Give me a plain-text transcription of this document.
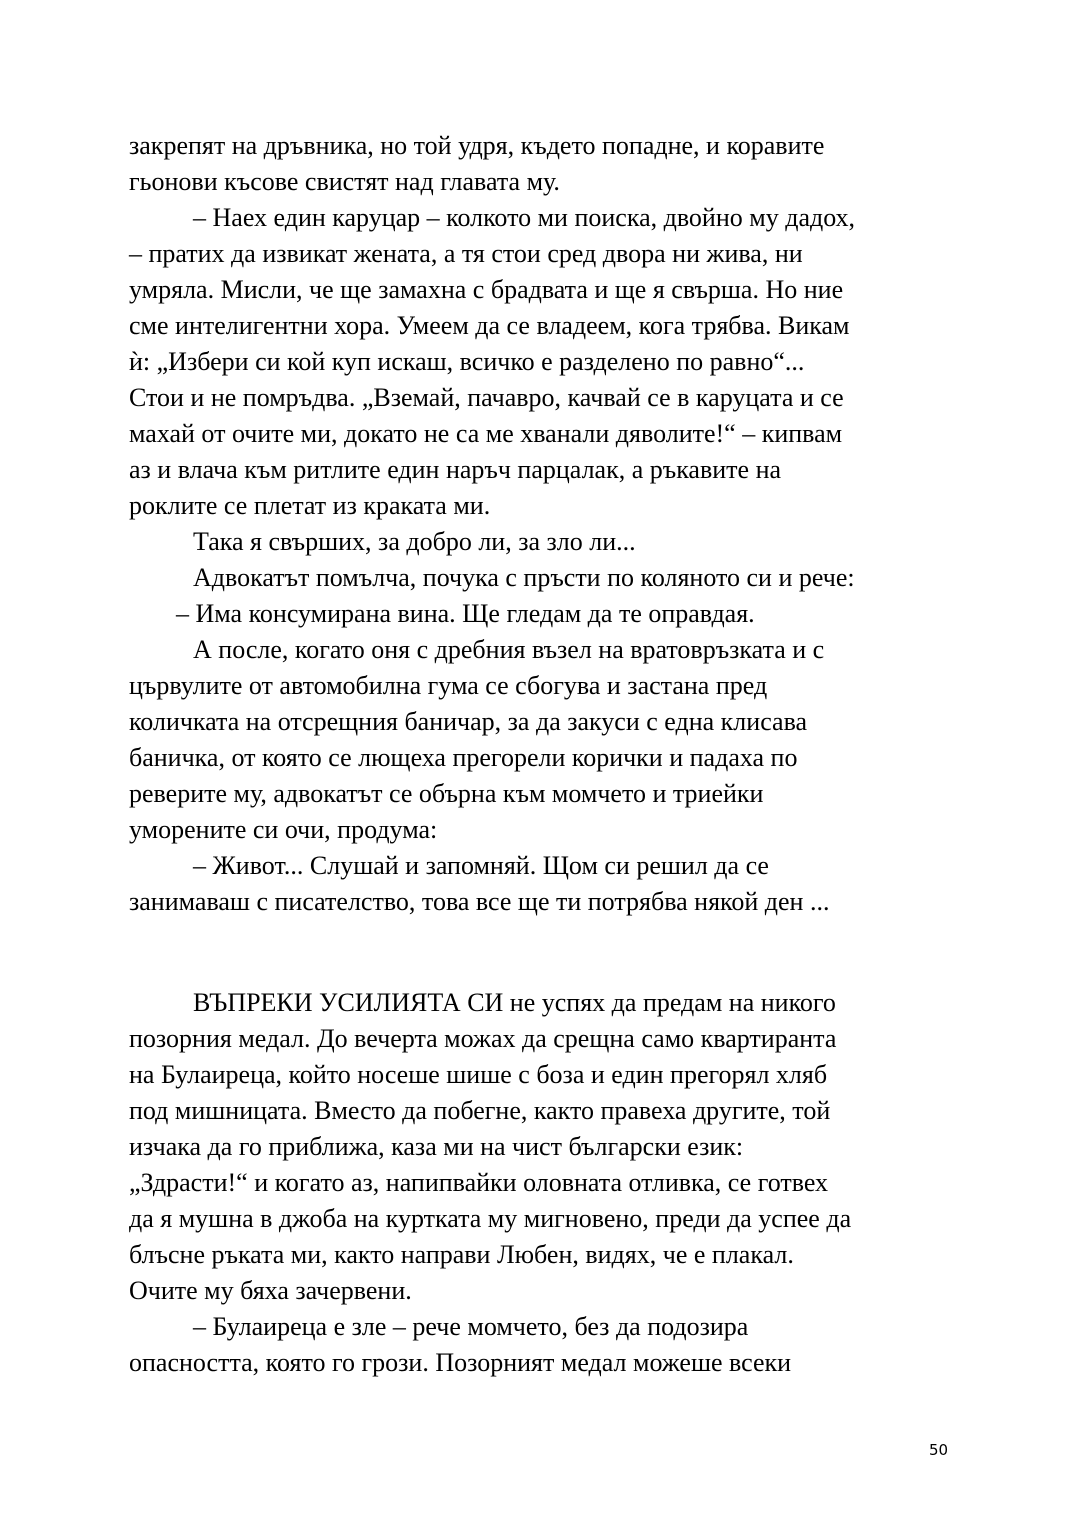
закрепят на дръвника, но той удря, където попадне, и коравите
гьонови късове свистят над главата му.
– Наех един каруцар – колкото ми поиска, двойно му дадох,
– пратих да извикат жената, а тя стои сред двора ни жива, ни
умряла. Мисли, че ще замахна с брадвата и ще я свърша. Но ние
сме интелигентни хора. Умеем да се владеем, кога трябва. Викам
ѝ: „Избери си кой куп искаш, всичко е разделено по равно“...
Стои и не помръдва. „Вземай, пачавро, качвай се в каруцата и се
махай от очите ми, докато не са ме хванали дяволите!“ – кипвам
аз и влача към ритлите един наръч парцалак, а ръкавите на
роклите се плетат из краката ми.
Така я свърших, за добро ли, за зло ли...
Адвокатът помълча, почука с пръсти по коляното си и рече:
– Има консумирана вина. Ще гледам да те оправдая.
А после, когато оня с дребния възел на вратовръзката и с
цървулите от автомобилна гума се сбогува и застана пред
количката на отсрещния баничар, за да закуси с една клисава
баничка, от която се лющеха прегорели корички и падаха по
реверите му, адвокатът се обърна към момчето и триейки
уморените си очи, продума:
– Живот... Слушай и запомняй. Щом си решил да се
занимаваш с писателство, това все ще ти потрябва някой ден ...
ВЪПРЕКИ УСИЛИЯТА СИ не успях да предам на никого
позорния медал. До вечерта можах да срещна само квартиранта
на Булаиреца, който носеше шише с боза и един прегорял хляб
под мишницата. Вместо да побегне, както правеха другите, той
изчака да го приближа, каза ми на чист български език:
„Здрасти!“ и когато аз, напипвайки оловната отливка, се готвех
да я мушна в джоба на куртката му мигновено, преди да успее да
блъсне ръката ми, както направи Любен, видях, че е плакал.
Очите му бяха зачервени.
– Булаиреца е зле – рече момчето, без да подозира
опасността, която го грози. Позорният медал можеше всеки
50
